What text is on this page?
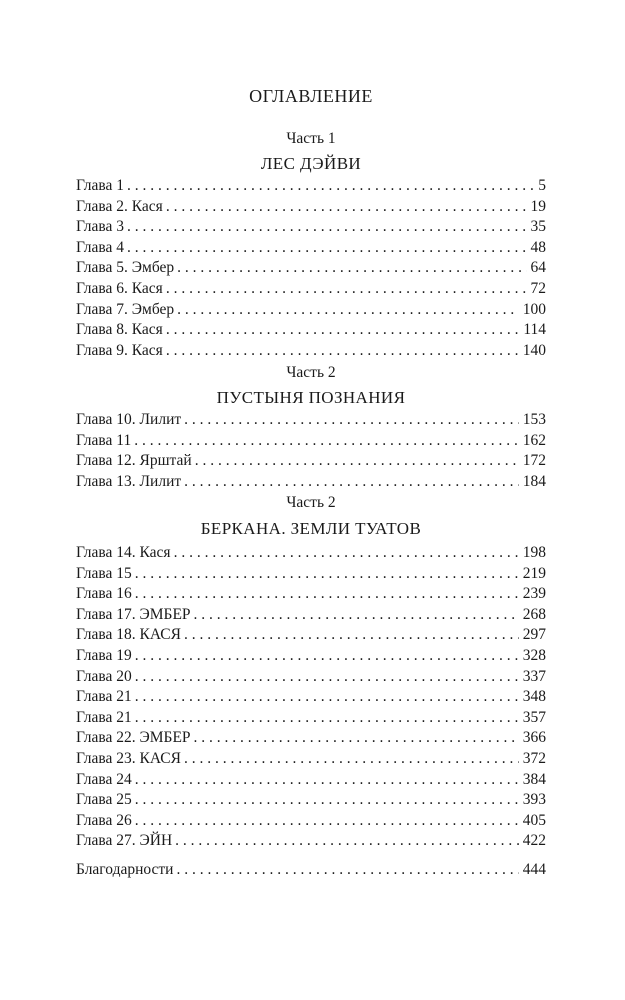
ОГЛАВЛЕНИЕ
Часть 1
ЛЕС ДЭЙВИ
Глава 1 . . .	5
Глава 2. Кася . . .	19
Глава 3 . . .	35
Глава 4 . . .	48
Глава 5. Эмбер . . .	64
Глава 6. Кася . . .	72
Глава 7. Эмбер . . .	100
Глава 8. Кася . . .	114
Глава 9. Кася . . .	140
Часть 2
ПУСТЫНЯ ПОЗНАНИЯ
Глава 10. Лилит . . .	153
Глава 11 . . .	162
Глава 12. Ярштай . . .	172
Глава 13. Лилит . . .	184
Часть 2
БЕРКАНА. ЗЕМЛИ ТУАТОВ
Глава 14. Кася . . .	198
Глава 15 . . .	219
Глава 16 . . .	239
Глава 17. ЭМБЕР . . .	268
Глава 18. КАСЯ . . .	297
Глава 19 . . .	328
Глава 20 . . .	337
Глава 21 . . .	348
Глава 21 . . .	357
Глава 22. ЭМБЕР . . .	366
Глава 23. КАСЯ . . .	372
Глава 24 . . .	384
Глава 25 . . .	393
Глава 26 . . .	405
Глава 27. ЭЙН . . .	422
Благодарности . . .	444
